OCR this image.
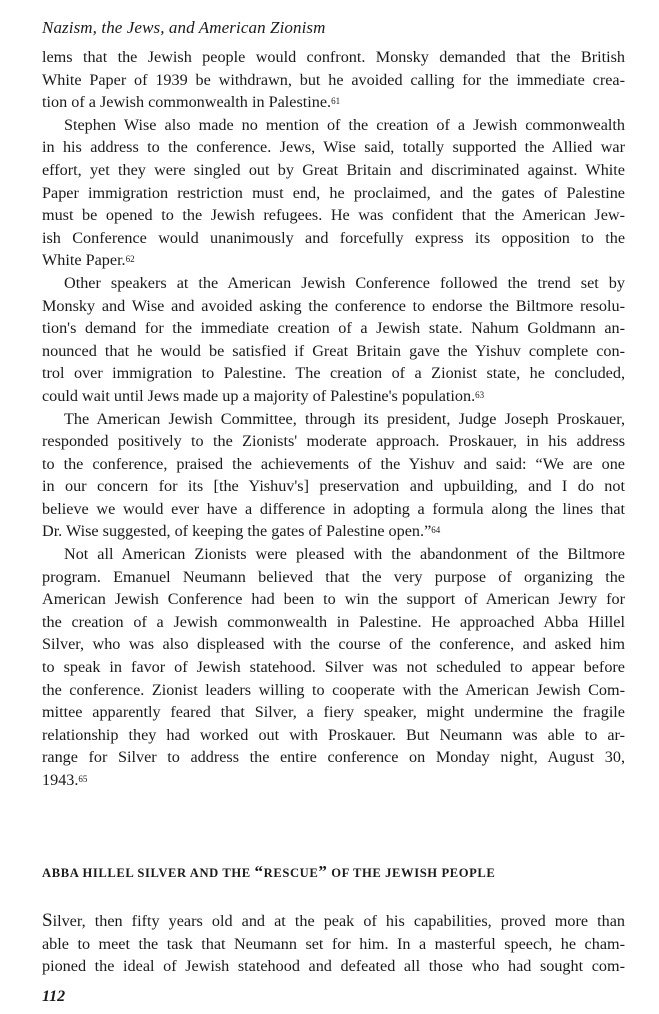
Nazism, the Jews, and American Zionism
lems that the Jewish people would confront. Monsky demanded that the British
White Paper of 1939 be withdrawn, but he avoided calling for the immediate crea-
tion of a Jewish commonwealth in Palestine.$^{61}$
Stephen Wise also made no mention of the creation of a Jewish commonwealth
in his address to the conference. Jews, Wise said, totally supported the Allied war
effort, yet they were singled out by Great Britain and discriminated against. White
Paper immigration restriction must end, he proclaimed, and the gates of Palestine
must be opened to the Jewish refugees. He was confident that the American Jew-
ish Conference would unanimously and forcefully express its opposition to the
White Paper.$^{62}$
Other speakers at the American Jewish Conference followed the trend set by
Monsky and Wise and avoided asking the conference to endorse the Biltmore resolu-
tion's demand for the immediate creation of a Jewish state. Nahum Goldmann an-
nounced that he would be satisfied if Great Britain gave the Yishuv complete con-
trol over immigration to Palestine. The creation of a Zionist state, he concluded,
could wait until Jews made up a majority of Palestine's population.$^{63}$
The American Jewish Committee, through its president, Judge Joseph Proskauer,
responded positively to the Zionists' moderate approach. Proskauer, in his address
to the conference, praised the achievements of the Yishuv and said: “We are one
in our concern for its [the Yishuv's] preservation and upbuilding, and I do not
believe we would ever have a difference in adopting a formula along the lines that
Dr. Wise suggested, of keeping the gates of Palestine open.”$^{64}$
Not all American Zionists were pleased with the abandonment of the Biltmore
program. Emanuel Neumann believed that the very purpose of organizing the
American Jewish Conference had been to win the support of American Jewry for
the creation of a Jewish commonwealth in Palestine. He approached Abba Hillel
Silver, who was also displeased with the course of the conference, and asked him
to speak in favor of Jewish statehood. Silver was not scheduled to appear before
the conference. Zionist leaders willing to cooperate with the American Jewish Com-
mittee apparently feared that Silver, a fiery speaker, might undermine the fragile
relationship they had worked out with Proskauer. But Neumann was able to ar-
range for Silver to address the entire conference on Monday night, August 30,
1943.65
ABBA HILLEL SILVER AND THE “RESCUE” OF THE JEWISH PEOPLE
Silver, then fifty years old and at the peak of his capabilities, proved more than
able to meet the task that Neumann set for him. In a masterful speech, he cham-
pioned the ideal of Jewish statehood and defeated all those who had sought com-
112
